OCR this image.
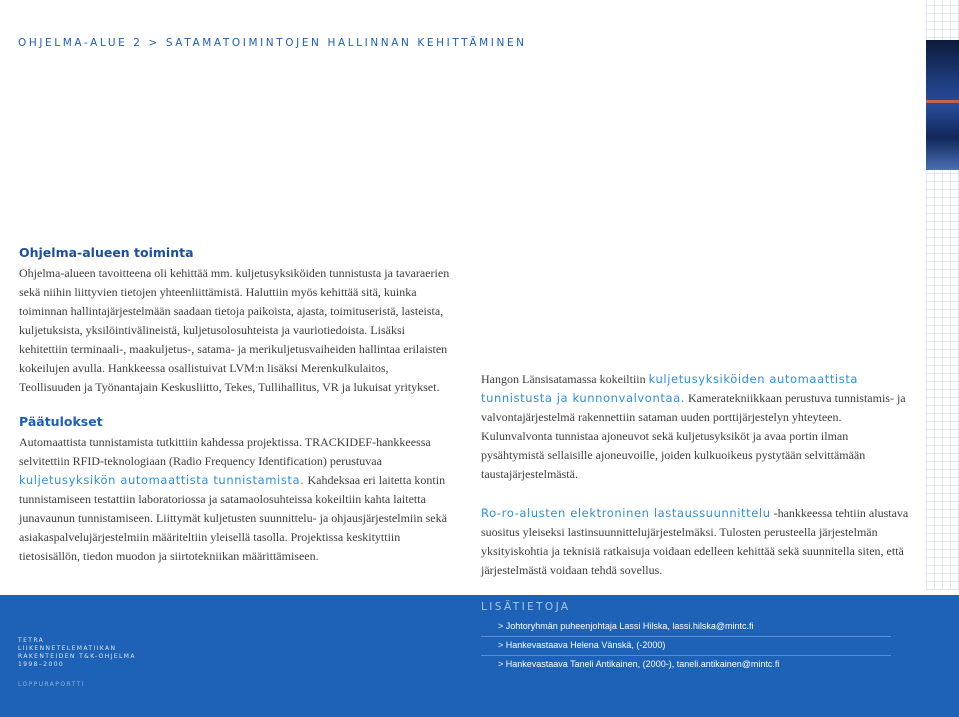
OHJELMA-ALUE 2 > SATAMATOIMINTOJEN HALLINNAN KEHITTÄMINEN
Ohjelma-alueen toiminta

Ohjelma-alueen tavoitteena oli kehittää mm. kuljetusyksiköiden tunnistusta ja tavaraerien sekä niihin liittyvien tietojen yhteenliittämistä. Haluttiin myös kehittää sitä, kuinka toiminnan hallintajärjestelmään saadaan tietoja paikoista, ajasta, toimituseristä, lasteista, kuljetuksista, yksilöintivälineistä, kuljetusolosuhteista ja vauriotiedoista. Lisäksi kehitettiin terminaali-, maakuljetus-, satama- ja merikuljetusvaiheiden hallintaa erilaisten kokeilujen avulla. Hankkeessa osallistuivat LVM:n lisäksi Merenkulkulaitos, Teollisuuden ja Työnantajain Keskusliitto, Tekes, Tullihallitus, VR ja lukuisat yritykset.

Päätulokset

Automaattista tunnistamista tutkittiin kahdessa projektissa. TRACKIDEF-hankkeessa selvitettiin RFID-teknologiaan (Radio Frequency Identification) perustuvaa kuljetusyksikön automaattista tunnistamista. Kahdeksaa eri laitetta kontin tunnistamiseen testattiin laboratoriossa ja satamaolosuhteissa kokeiltiin kahta laitetta junavaunun tunnistamiseen. Liittymät kuljetusten suunnittelu- ja ohjausjärjestelmiin sekä asiakaspalvelujärjestelmiin määriteltiin yleisellä tasolla. Projektissa keskityttiin tietosisällön, tiedon muodon ja siirtotekniikan määrittämiseen.

Hangon Länsisatamassa kokeiltiin kuljetusyksiköiden automaattista tunnistusta ja kunnonvalvontaa. Kameratekniikkaan perustuva tunnistamis- ja valvontajärjestelmä rakennettiin sataman uuden porttijärjestelyn yhteyteen. Kulunvalvonta tunnistaa ajoneuvot sekä kuljetusyksiköt ja avaa portin ilman pysähtymistä sellaisille ajoneuvoille, joiden kulkuoikeus pystytään selvittämään taustajärjestelmästä.

Ro-ro-alusten elektroninen lastaussuunnittelu -hankkeessa tehtiin alustava suositus yleiseksi lastinsuunnittelujärjestelmäksi. Tulosten perusteella järjestelmän yksityiskohtia ja teknisiä ratkaisuja voidaan edelleen kehittää sekä suunnitella siten, että järjestelmästä voidaan tehdä sovellus.

TETRA
LIIKENNETELEMATIIKAN
RAKENTEIDEN T&K-OHJELMA
1998–2000
LOPPURAPORTTI
LISÄTIETOJA
> Johtoryhmän puheenjohtaja Lassi Hilska, lassi.hilska@mintc.fi
> Hankevastaava Helena Vänskä, (-2000)
> Hankevastaava Taneli Antikainen, (2000-), taneli.antikainen@mintc.fi
